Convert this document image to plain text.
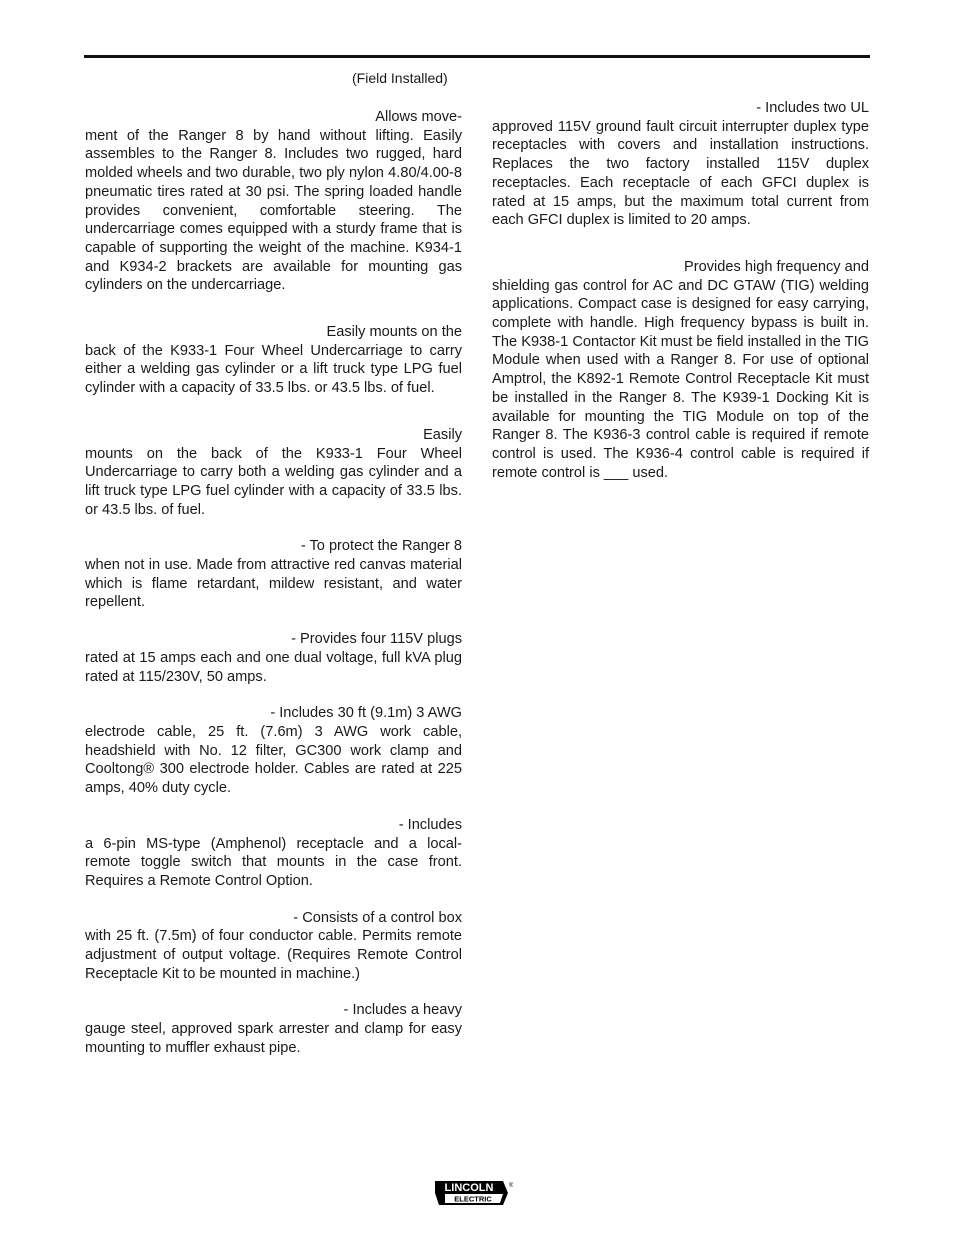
(Field Installed)
Allows move-

ment of the Ranger 8 by hand without lifting. Easily assembles to the Ranger 8. Includes two rugged, hard molded wheels and two durable, two ply nylon 4.80/4.00-8 pneumatic tires rated at 30 psi. The spring loaded handle provides convenient, comfortable steering. The undercarriage comes equipped with a sturdy frame that is capable of supporting the weight of the machine. K934-1 and K934-2 brackets are available for mounting gas cylinders on the undercarriage.

Easily mounts on the

back of the K933-1 Four Wheel Undercarriage to carry either a welding gas cylinder or a lift truck type LPG fuel cylinder with a capacity of 33.5 lbs. or 43.5 lbs. of fuel.

Easily

mounts on the back of the K933-1 Four Wheel Undercarriage to carry both a welding gas cylinder and a lift truck type LPG fuel cylinder with a capacity of 33.5 lbs. or 43.5 lbs. of fuel.

- To protect the Ranger 8

when not in use. Made from attractive red canvas material which is flame retardant, mildew resistant, and water repellent.

- Provides four 115V plugs

rated at 15 amps each and one dual voltage, full kVA plug rated at 115/230V, 50 amps.

- Includes 30 ft (9.1m) 3 AWG

electrode cable, 25 ft. (7.6m) 3 AWG work cable, headshield with No. 12 filter, GC300 work clamp and Cooltong® 300 electrode holder. Cables are rated at 225 amps, 40% duty cycle.

- Includes

a 6-pin MS-type (Amphenol) receptacle and a local-remote toggle switch that mounts in the case front. Requires a Remote Control Option.

- Consists of a control box

with 25 ft. (7.5m) of four conductor cable. Permits remote adjustment of output voltage. (Requires Remote Control Receptacle Kit to be mounted in machine.)

- Includes a heavy

gauge steel, approved spark arrester and clamp for easy mounting to muffler exhaust pipe.

- Includes two UL

approved 115V ground fault circuit interrupter duplex type receptacles with covers and installation instructions. Replaces the two factory installed 115V duplex receptacles. Each receptacle of each GFCI duplex is rated at 15 amps, but the maximum total current from each GFCI duplex is limited to 20 amps.

Provides high frequency and

shielding gas control for AC and DC GTAW (TIG) welding applications. Compact case is designed for easy carrying, complete with handle. High frequency bypass is built in. The K938-1 Contactor Kit must be field installed in the TIG Module when used with a Ranger 8. For use of optional Amptrol, the K892-1 Remote Control Receptacle Kit must be installed in the Ranger 8. The K939-1 Docking Kit is available for mounting the TIG Module on top of the Ranger 8. The K936-3 control cable is required if remote control is used. The K936-4 control cable is required if remote control is ___ used.

LINCOLN
ELECTRIC
®
